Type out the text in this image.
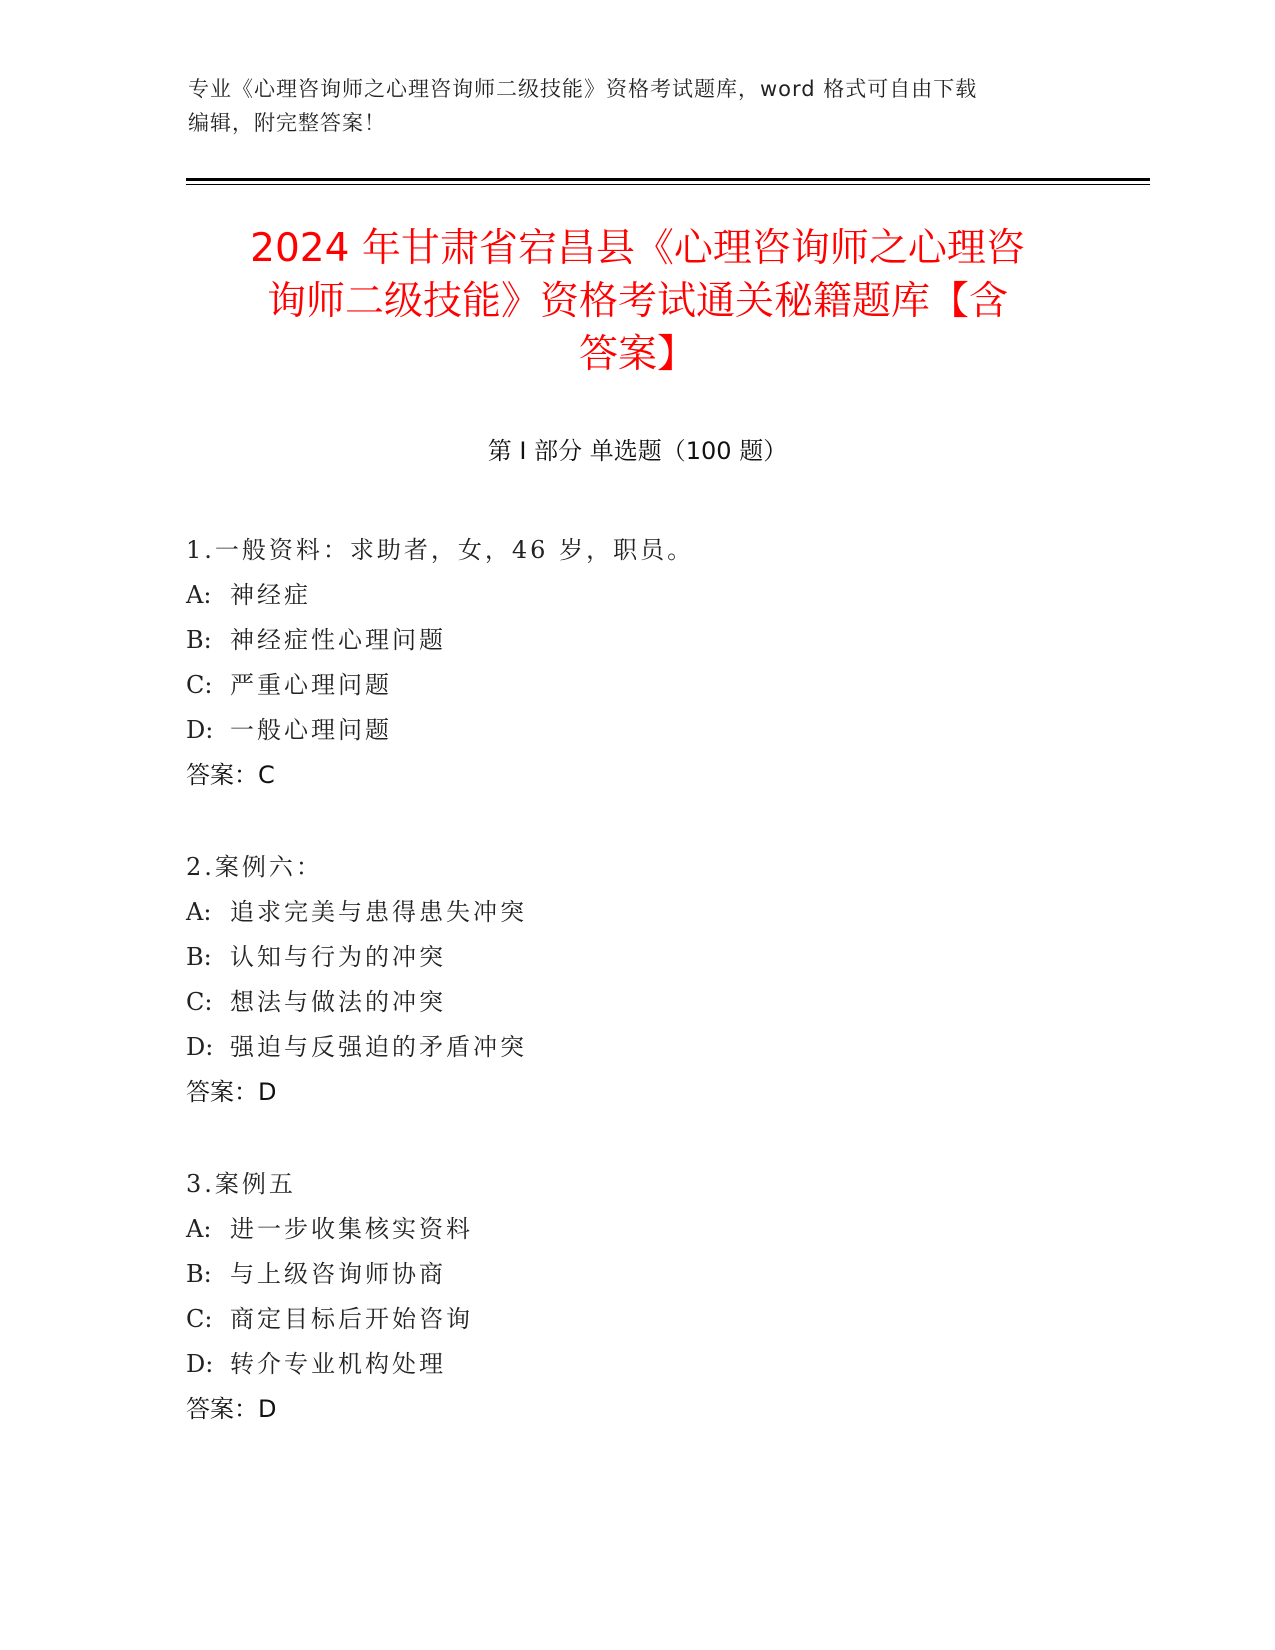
专业《心理咨询师之心理咨询师二级技能》资格考试题库，word 格式可自由下载
编辑，附完整答案！
2024 年甘肃省宕昌县《心理咨询师之心理咨
询师二级技能》资格考试通关秘籍题库【含
答案】
第 I 部分 单选题（100 题）
1.一般资料：求助者，女，46 岁，职员。
A: 神经症
B: 神经症性心理问题
C: 严重心理问题
D: 一般心理问题
答案：C
2.案例六：
A: 追求完美与患得患失冲突
B: 认知与行为的冲突
C: 想法与做法的冲突
D: 强迫与反强迫的矛盾冲突
答案：D
3.案例五
A: 进一步收集核实资料
B: 与上级咨询师协商
C: 商定目标后开始咨询
D: 转介专业机构处理
答案：D
